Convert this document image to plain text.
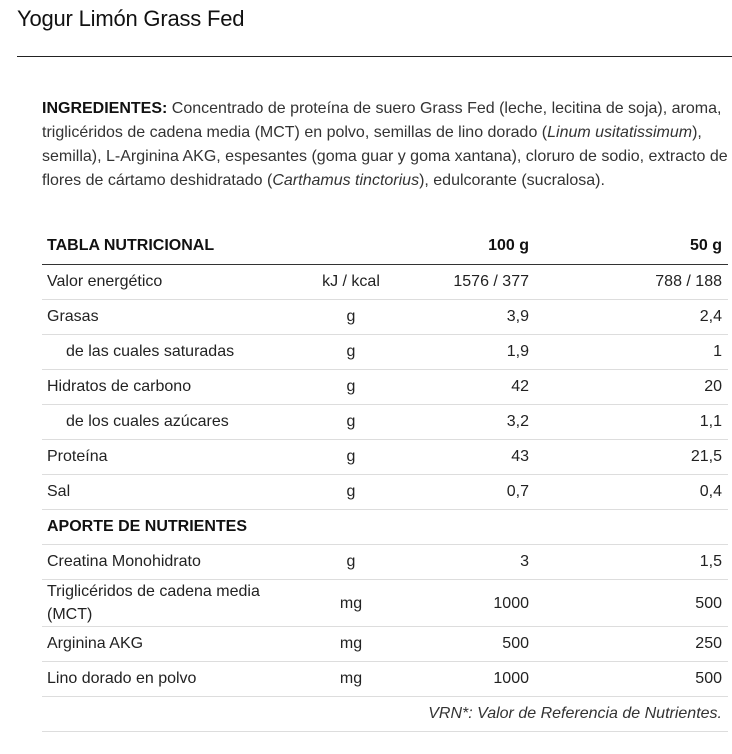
Yogur Limón Grass Fed

INGREDIENTES: Concentrado de proteína de suero Grass Fed (leche, lecitina de soja), aroma, triglicéridos de cadena media (MCT) en polvo, semillas de lino dorado (Linum usitatissimum), semilla), L-Arginina AKG, espesantes (goma guar y goma xantana), cloruro de sodio, extracto de flores de cártamo deshidratado (Carthamus tinctorius), edulcorante (sucralosa).

TABLA NUTRICIONAL		100 g	50 g
Valor energético	kJ / kcal	1576 / 377	788 / 188
Grasas	g	3,9	2,4
de las cuales saturadas	g	1,9	1
Hidratos de carbono	g	42	20
de los cuales azúcares	g	3,2	1,1
Proteína	g	43	21,5
Sal	g	0,7	0,4
APORTE DE NUTRIENTES			
Creatina Monohidrato	g	3	1,5
Triglicéridos de cadena media (MCT)	mg	1000	500
Arginina AKG	mg	500	250
Lino dorado en polvo	mg	1000	500
VRN*: Valor de Referencia de Nutrientes.			
